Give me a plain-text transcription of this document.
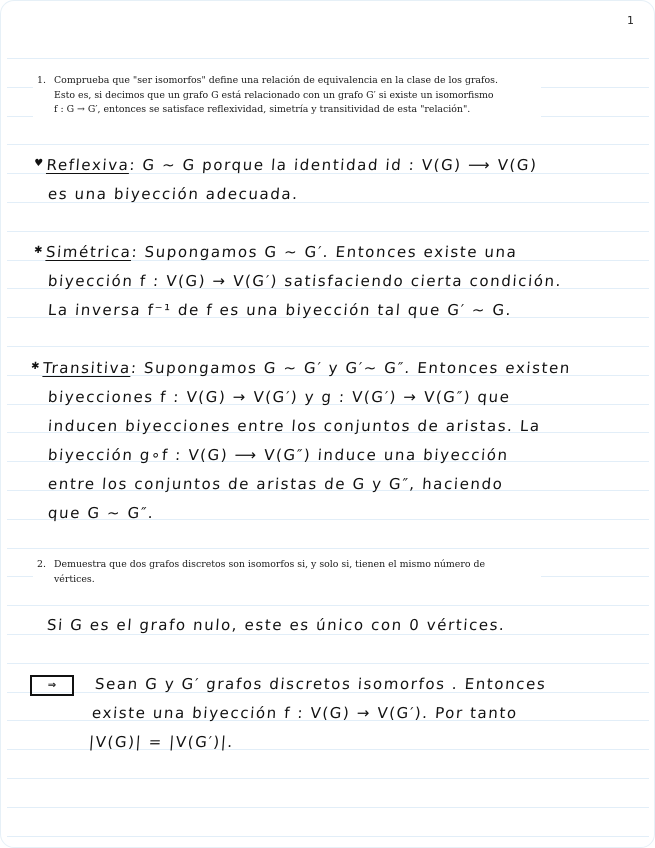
1
1. Comprueba que "ser isomorfos" define una relación de equivalencia en la clase de los grafos.
Esto es, si decimos que un grafo G está relacionado con un grafo G′ si existe un isomorfismo
f : G → G′, entonces se satisface reflexividad, simetría y transitividad de esta "relación".
♥Reflexiva: G ~ G porque la identidad id : V(G) ⟶ V(G)
es una biyección adecuada.
✱Simétrica: Supongamos G ~ G′. Entonces existe una
biyección f : V(G) → V(G′) satisfaciendo cierta condición.
La inversa f⁻¹ de f es una biyección tal que G′ ~ G.
✱Transitiva: Supongamos G ~ G′ y G′~ G″. Entonces existen
biyecciones f : V(G) → V(G′) y g : V(G′) → V(G″) que
inducen biyecciones entre los conjuntos de aristas. La
biyección g∘f : V(G) ⟶ V(G″) induce una biyección
entre los conjuntos de aristas de G y G″, haciendo
que G ~ G″.
2. Demuestra que dos grafos discretos son isomorfos si, y solo si, tienen el mismo número de
vértices.
Si G es el grafo nulo, este es único con 0 vértices.
⇒	Sean G y G′ grafos discretos isomorfos . Entonces
existe una biyección f : V(G) → V(G′). Por tanto
|V(G)| = |V(G′)|.
